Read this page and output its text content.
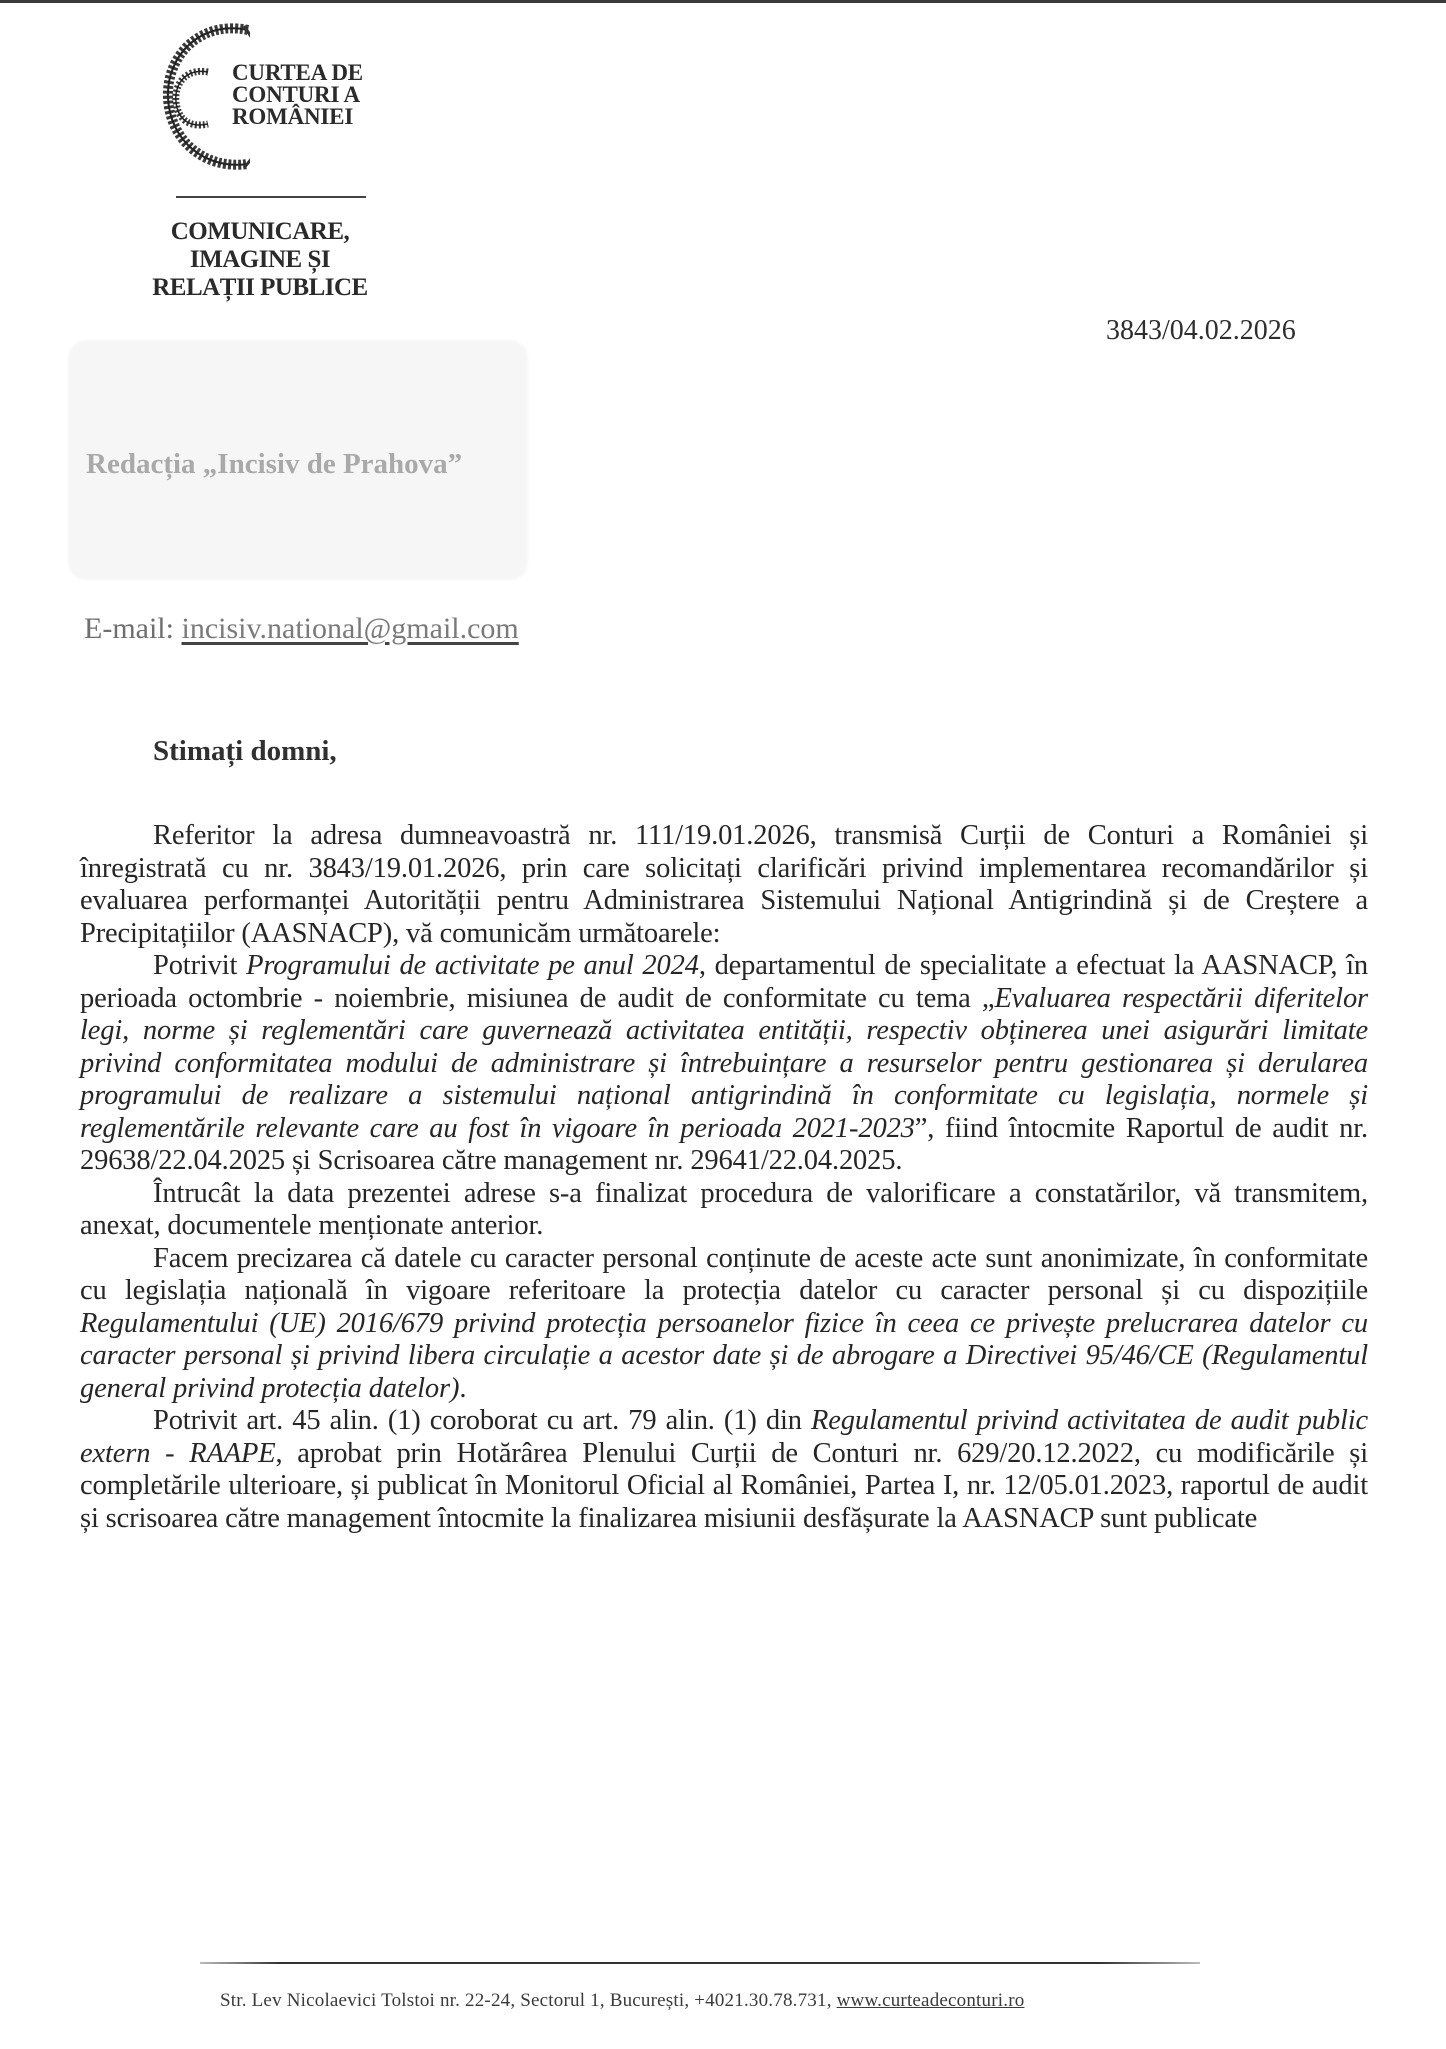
CURTEA DE
CONTURI A
ROMÂNIEI
COMUNICARE,
IMAGINE ȘI
RELAȚII PUBLICE
3843/04.02.2026
Redacția „Incisiv de Prahova”
E-mail: incisiv.national@gmail.com
Stimați domni,

Referitor la adresa dumneavoastră nr. 111/19.01.2026, transmisă Curții de Conturi a României și înregistrată cu nr. 3843/19.01.2026, prin care solicitați clarificări privind implementarea recomandărilor și evaluarea performanței Autorității pentru Administrarea Sistemului Național Antigrindină și de Creștere a Precipitațiilor (AASNACP), vă comunicăm următoarele:

Potrivit Programului de activitate pe anul 2024, departamentul de specialitate a efectuat la AASNACP, în perioada octombrie - noiembrie, misiunea de audit de conformitate cu tema „Evaluarea respectării diferitelor legi, norme și reglementări care guvernează activitatea entității, respectiv obținerea unei asigurări limitate privind conformitatea modului de administrare și întrebuințare a resurselor pentru gestionarea și derularea programului de realizare a sistemului național antigrindină în conformitate cu legislația, normele și reglementările relevante care au fost în vigoare în perioada 2021-2023”, fiind întocmite Raportul de audit nr. 29638/22.04.2025 și Scrisoarea către management nr. 29641/22.04.2025.

Întrucât la data prezentei adrese s-a finalizat procedura de valorificare a constatărilor, vă transmitem, anexat, documentele menționate anterior.

Facem precizarea că datele cu caracter personal conținute de aceste acte sunt anonimizate, în conformitate cu legislația națională în vigoare referitoare la protecția datelor cu caracter personal și cu dispozițiile Regulamentului (UE) 2016/679 privind protecția persoanelor fizice în ceea ce privește prelucrarea datelor cu caracter personal și privind libera circulație a acestor date și de abrogare a Directivei 95/46/CE (Regulamentul general privind protecția datelor).

Potrivit art. 45 alin. (1) coroborat cu art. 79 alin. (1) din Regulamentul privind activitatea de audit public extern - RAAPE, aprobat prin Hotărârea Plenului Curții de Conturi nr. 629/20.12.2022, cu modificările și completările ulterioare, și publicat în Monitorul Oficial al României, Partea I, nr. 12/05.01.2023, raportul de audit și scrisoarea către management întocmite la finalizarea misiunii desfășurate la AASNACP sunt publicate

Str. Lev Nicolaevici Tolstoi nr. 22-24, Sectorul 1, București, +4021.30.78.731, www.curteadeconturi.ro
